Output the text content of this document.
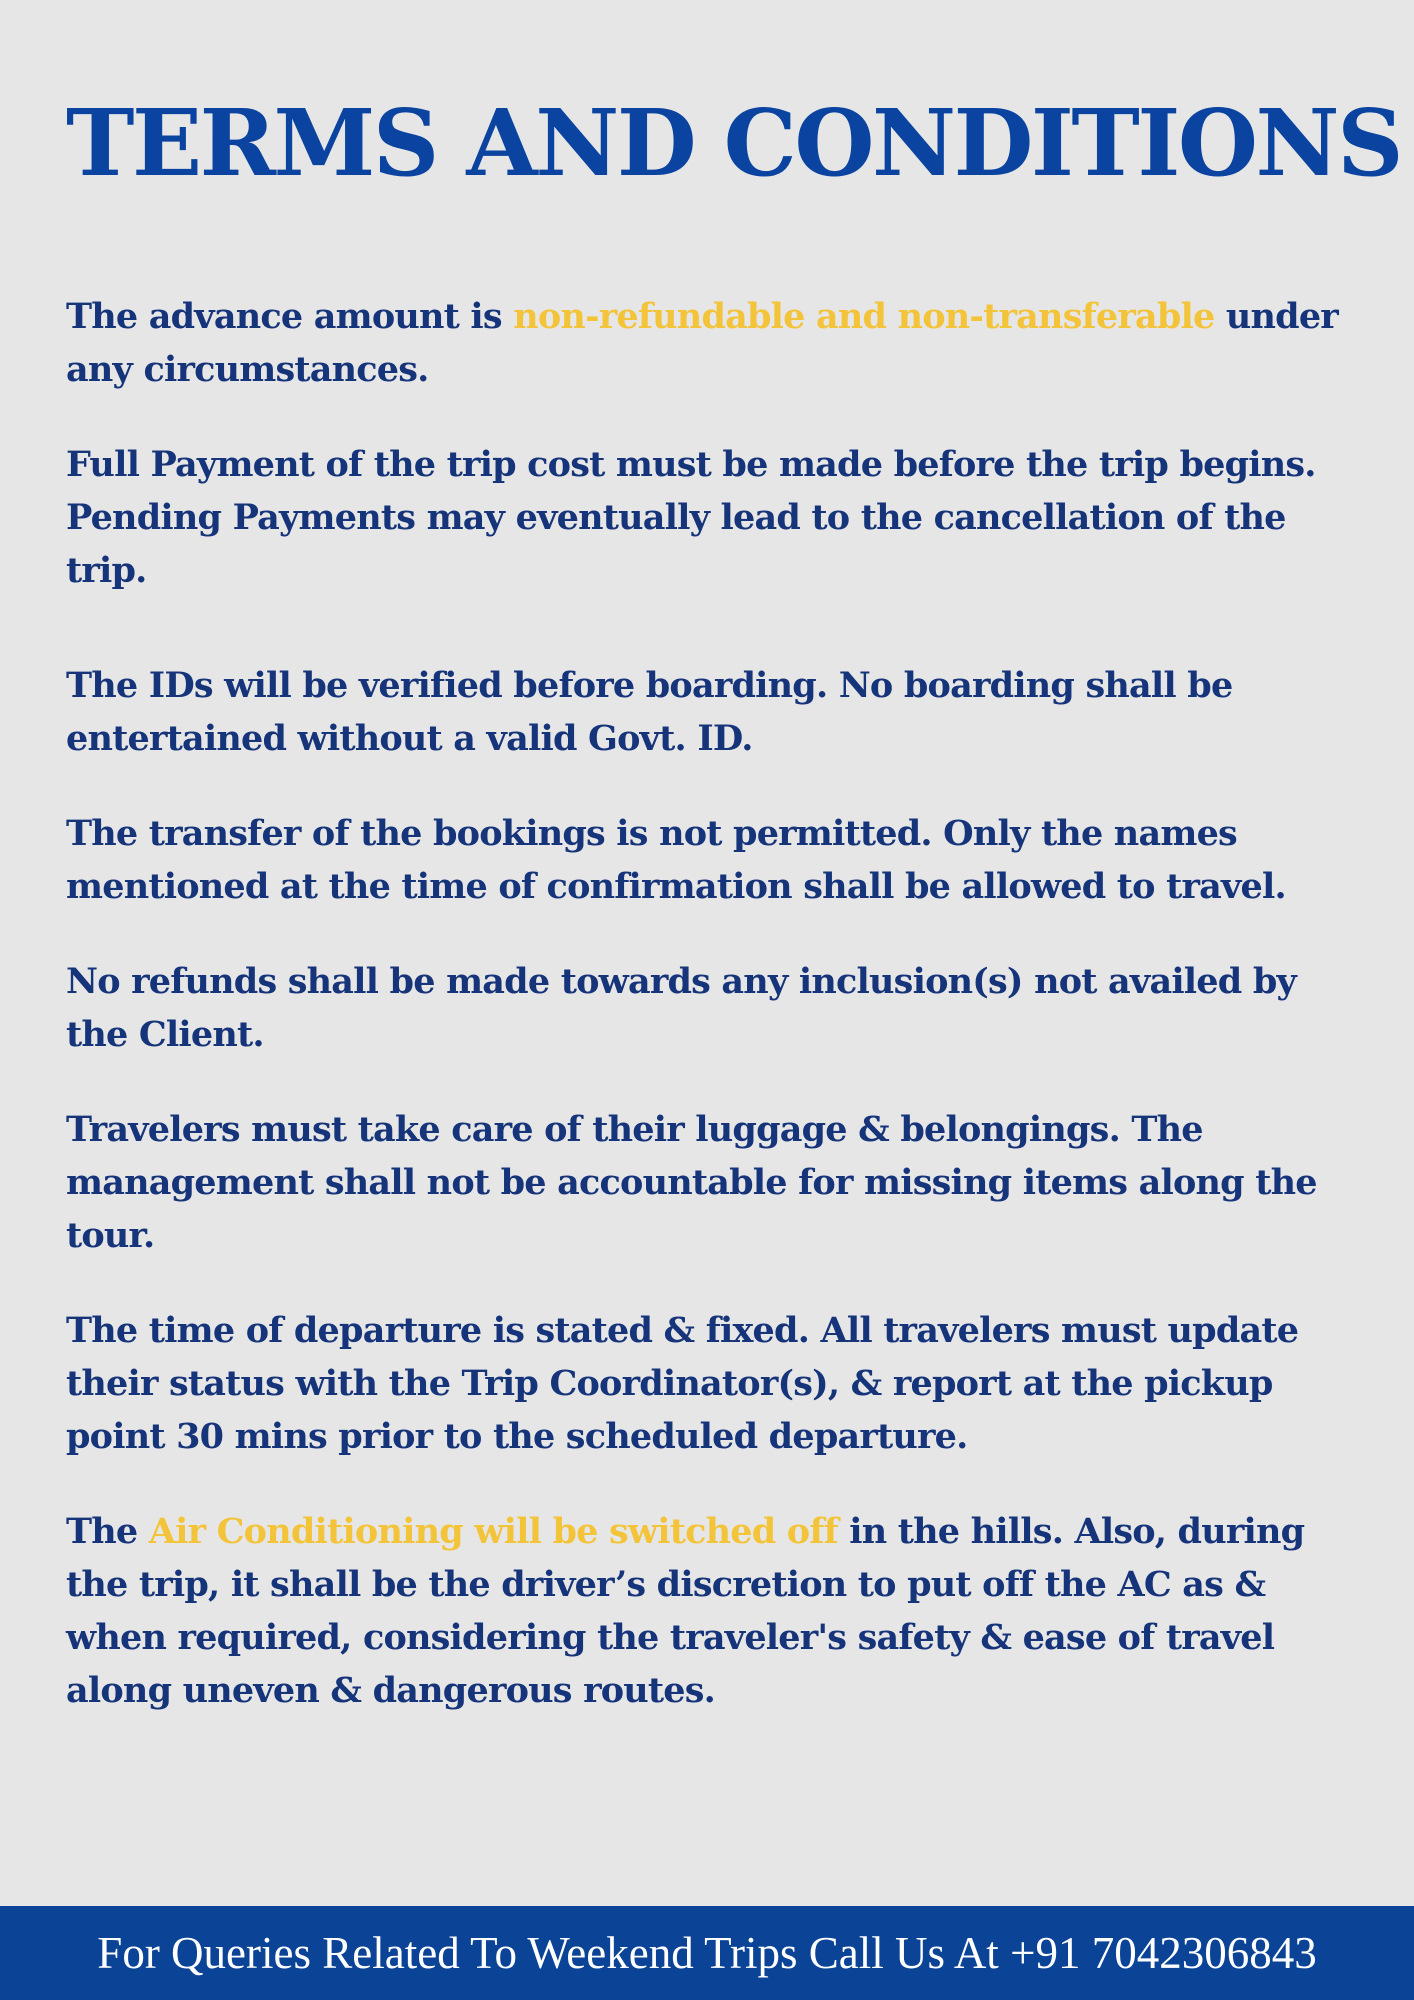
TERMS AND CONDITIONS

The advance amount is non-refundable and non-transferable under any circumstances.

Full Payment of the trip cost must be made before the trip begins. Pending Payments may eventually lead to the cancellation of the trip.

The IDs will be verified before boarding. No boarding shall be entertained without a valid Govt. ID.

The transfer of the bookings is not permitted. Only the names mentioned at the time of confirmation shall be allowed to travel.

No refunds shall be made towards any inclusion(s) not availed by the Client.

Travelers must take care of their luggage & belongings. The management shall not be accountable for missing items along the tour.

The time of departure is stated & fixed. All travelers must update their status with the Trip Coordinator(s), & report at the pickup point 30 mins prior to the scheduled departure.

The Air Conditioning will be switched off in the hills. Also, during the trip, it shall be the driver’s discretion to put off the AC as & when required, considering the traveler's safety & ease of travel along uneven & dangerous routes.

For Queries Related To Weekend Trips Call Us At +91 7042306843
